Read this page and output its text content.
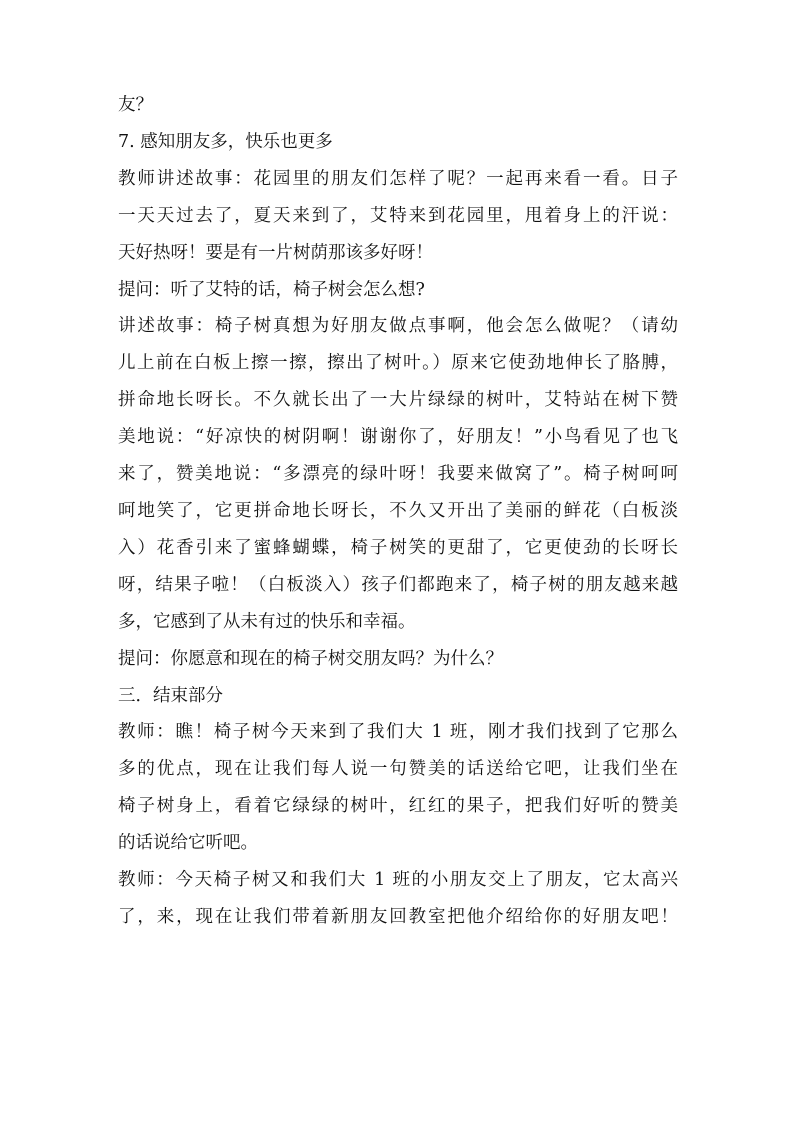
友？

7. 感知朋友多，快乐也更多

教师讲述故事：花园里的朋友们怎样了呢？一起再来看一看。日子

一天天过去了，夏天来到了，艾特来到花园里，甩着身上的汗说：

天好热呀！要是有一片树荫那该多好呀！

提问：听了艾特的话，椅子树会怎么想?

讲述故事：椅子树真想为好朋友做点事啊，他会怎么做呢？（请幼

儿上前在白板上擦一擦，擦出了树叶。）原来它使劲地伸长了胳膊，

拼命地长呀长。不久就长出了一大片绿绿的树叶，艾特站在树下赞

美地说：“好凉快的树阴啊！谢谢你了，好朋友！”小鸟看见了也飞

来了，赞美地说：“多漂亮的绿叶呀！我要来做窝了”。椅子树呵呵

呵地笑了，它更拼命地长呀长，不久又开出了美丽的鲜花（白板淡

入）花香引来了蜜蜂蝴蝶，椅子树笑的更甜了，它更使劲的长呀长

呀，结果子啦！（白板淡入）孩子们都跑来了，椅子树的朋友越来越

多，它感到了从未有过的快乐和幸福。

提问：你愿意和现在的椅子树交朋友吗？为什么？

三．结束部分

教师：瞧！椅子树今天来到了我们大 1 班，刚才我们找到了它那么

多的优点，现在让我们每人说一句赞美的话送给它吧，让我们坐在

椅子树身上，看着它绿绿的树叶，红红的果子，把我们好听的赞美

的话说给它听吧。

教师：今天椅子树又和我们大 1 班的小朋友交上了朋友，它太高兴

了，来，现在让我们带着新朋友回教室把他介绍给你的好朋友吧！
